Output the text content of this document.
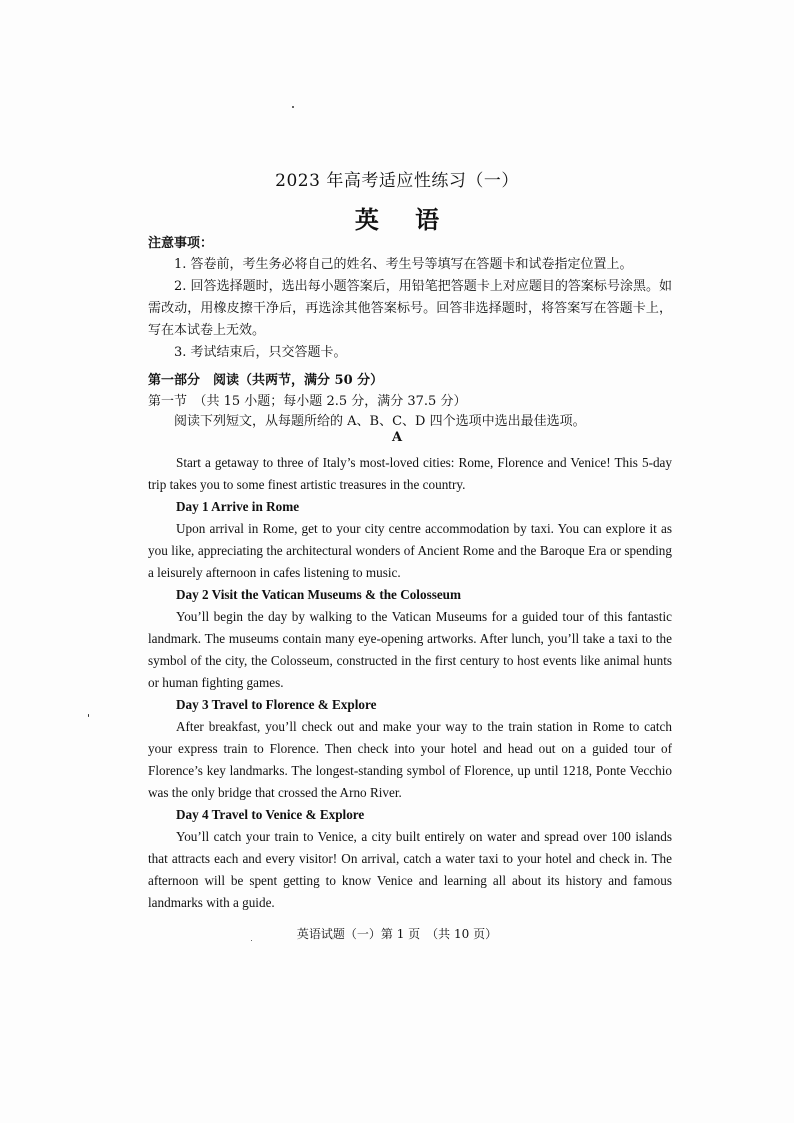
2023 年高考适应性练习（一）
英 语
注意事项：

1. 答卷前，考生务必将自己的姓名、考生号等填写在答题卡和试卷指定位置上。

2. 回答选择题时，选出每小题答案后，用铅笔把答题卡上对应题目的答案标号涂黑。如需改动，用橡皮擦干净后，再选涂其他答案标号。回答非选择题时，将答案写在答题卡上，写在本试卷上无效。

3. 考试结束后，只交答题卡。

第一部分　阅读（共两节，满分 50 分）
第一节　（共 15 小题；每小题 2.5 分，满分 37.5 分）
阅读下列短文，从每题所给的 A、B、C、D 四个选项中选出最佳选项。
A

Start a getaway to three of Italy’s most-loved cities: Rome, Florence and Venice! This 5-day trip takes you to some finest artistic treasures in the country.

Day 1 Arrive in Rome

Upon arrival in Rome, get to your city centre accommodation by taxi. You can explore it as you like, appreciating the architectural wonders of Ancient Rome and the Baroque Era or spending a leisurely afternoon in cafes listening to music.

Day 2 Visit the Vatican Museums & the Colosseum

You’ll begin the day by walking to the Vatican Museums for a guided tour of this fantastic landmark. The museums contain many eye-opening artworks. After lunch, you’ll take a taxi to the symbol of the city, the Colosseum, constructed in the first century to host events like animal hunts or human fighting games.

Day 3 Travel to Florence & Explore

After breakfast, you’ll check out and make your way to the train station in Rome to catch your express train to Florence. Then check into your hotel and head out on a guided tour of Florence’s key landmarks. The longest-standing symbol of Florence, up until 1218, Ponte Vecchio was the only bridge that crossed the Arno River.

Day 4 Travel to Venice & Explore

You’ll catch your train to Venice, a city built entirely on water and spread over 100 islands that attracts each and every visitor! On arrival, catch a water taxi to your hotel and check in. The afternoon will be spent getting to know Venice and learning all about its history and famous landmarks with a guide.

英语试题（一）第 1 页　（共 10 页）
